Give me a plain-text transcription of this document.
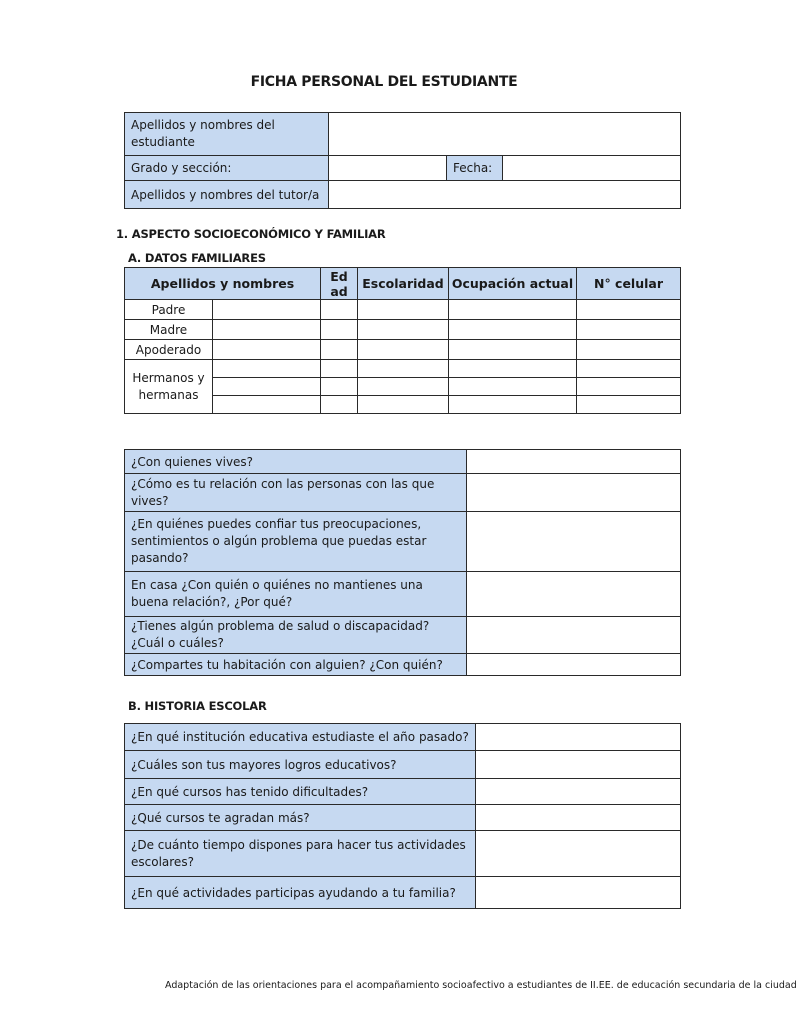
FICHA PERSONAL DEL ESTUDIANTE
Apellidos y nombres del estudiante			
Grado y sección:		Fecha:	
Apellidos y nombres del tutor/a			
1. ASPECTO SOCIOECONÓMICO Y FAMILIAR
A. DATOS FAMILIARES
Apellidos y nombres		Ed ad	Escolaridad	Ocupación actual	N° celular
Padre					
Madre					
Apoderado					
Hermanos y hermanas					

¿Con quienes vives?	
¿Cómo es tu relación con las personas con las que vives?	
¿En quiénes puedes confiar tus preocupaciones, sentimientos o algún problema que puedas estar pasando?	
En casa ¿Con quién o quiénes no mantienes una buena relación?, ¿Por qué?	
¿Tienes algún problema de salud o discapacidad? ¿Cuál o cuáles?	
¿Compartes tu habitación con alguien? ¿Con quién?	
B. HISTORIA ESCOLAR
¿En qué institución educativa estudiaste el año pasado?	
¿Cuáles son tus mayores logros educativos?	
¿En qué cursos has tenido dificultades?	
¿Qué cursos te agradan más?	
¿De cuánto tiempo dispones para hacer tus actividades escolares?	
¿En qué actividades participas ayudando a tu familia?	
Adaptación de las orientaciones para el acompañamiento socioafectivo a estudiantes de II.EE. de educación secundaria de la ciudad
